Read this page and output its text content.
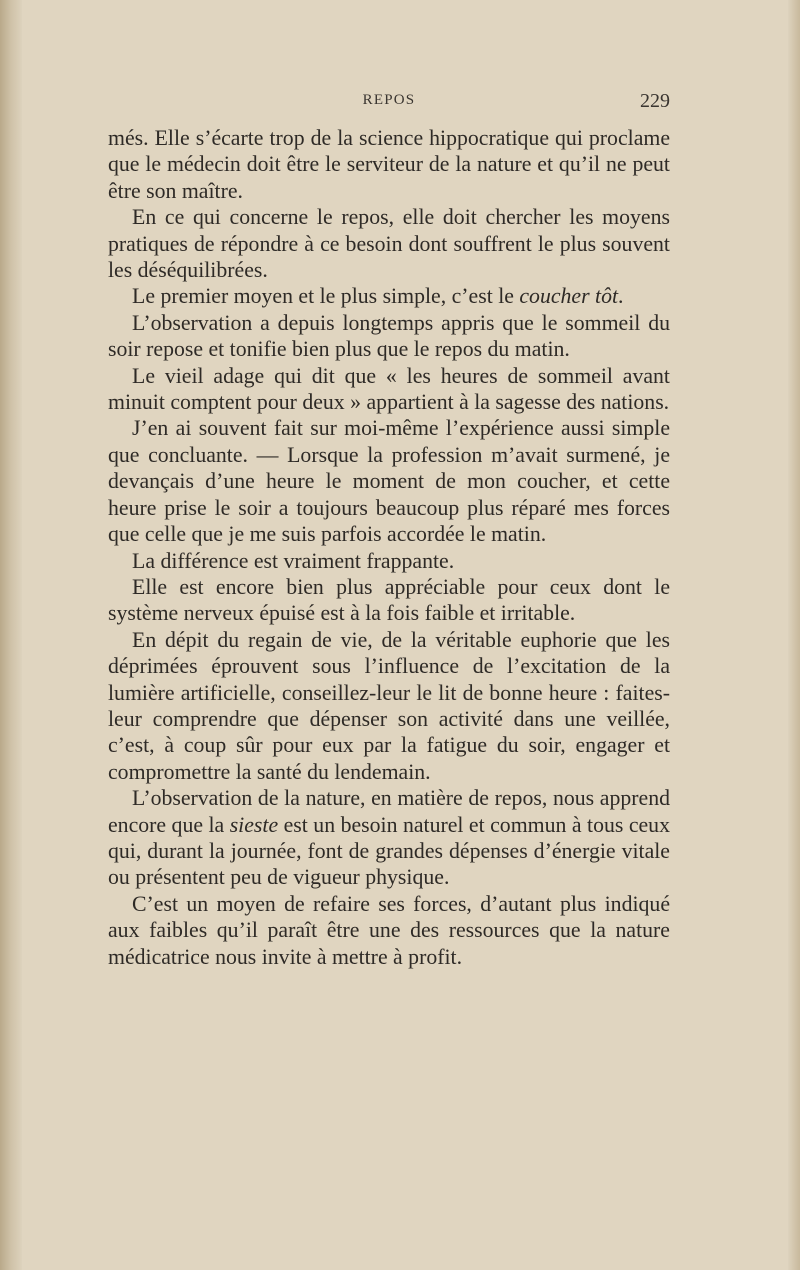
REPOS	229

més. Elle s’écarte trop de la science hippocratique qui proclame que le médecin doit être le serviteur de la nature et qu’il ne peut être son maître.

En ce qui concerne le repos, elle doit chercher les moyens pratiques de répondre à ce besoin dont souffrent le plus souvent les déséquilibrées.

Le premier moyen et le plus simple, c’est le coucher tôt.

L’observation a depuis longtemps appris que le sommeil du soir repose et tonifie bien plus que le repos du matin.

Le vieil adage qui dit que « les heures de sommeil avant minuit comptent pour deux » appartient à la sagesse des nations.

J’en ai souvent fait sur moi-même l’expérience aussi simple que concluante. — Lorsque la profession m’avait surmené, je devançais d’une heure le moment de mon coucher, et cette heure prise le soir a toujours beaucoup plus réparé mes forces que celle que je me suis parfois accordée le matin.

La différence est vraiment frappante.

Elle est encore bien plus appréciable pour ceux dont le système nerveux épuisé est à la fois faible et irritable.

En dépit du regain de vie, de la véritable euphorie que les déprimées éprouvent sous l’influence de l’excitation de la lumière artificielle, conseillez-leur le lit de bonne heure : faites-leur comprendre que dépenser son activité dans une veillée, c’est, à coup sûr pour eux par la fatigue du soir, engager et compromettre la santé du lendemain.

L’observation de la nature, en matière de repos, nous apprend encore que la sieste est un besoin naturel et commun à tous ceux qui, durant la journée, font de grandes dépenses d’énergie vitale ou présentent peu de vigueur physique.

C’est un moyen de refaire ses forces, d’autant plus indiqué aux faibles qu’il paraît être une des ressources que la nature médicatrice nous invite à mettre à profit.
